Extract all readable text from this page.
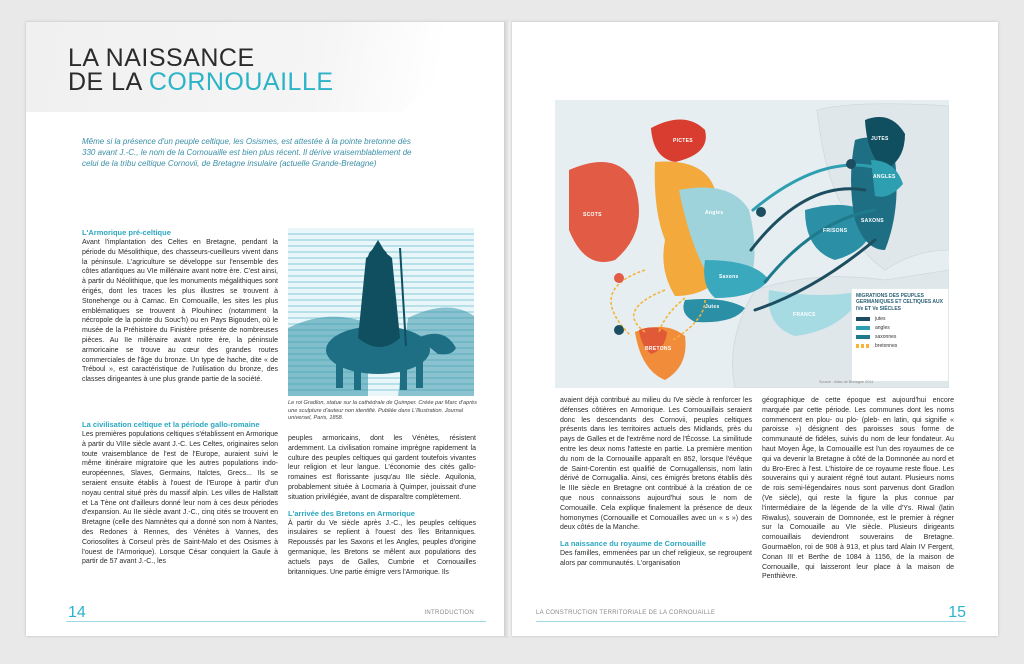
LA NAISSANCE
DE LA CORNOUAILLE
Même si la présence d'un peuple celtique, les Osismes, est attestée à la pointe bretonne dès 330 avant J.-C., le nom de la Cornouaille est bien plus récent. Il dérive vraisemblablement de celui de la tribu celtique Cornovii, de Bretagne insulaire (actuelle Grande-Bretagne)
L'Armorique pré-celtique
Avant l'implantation des Celtes en Bretagne, pendant la période du Mésolithique, des chasseurs-cueilleurs vivent dans la péninsule. L'agriculture se développe sur l'ensemble des côtes atlantiques au VIe millénaire avant notre ère. C'est ainsi, à partir du Néolithique, que les monuments mégalithiques sont érigés, dont les traces les plus illustres se trouvent à Stonehenge ou à Carnac. En Cornouaille, les sites les plus emblématiques se trouvent à Plouhinec (notamment la nécropole de la pointe du Souc'h) ou en Pays Bigouden, où le musée de la Préhistoire du Finistère présente de nombreuses pièces. Au IIe millénaire avant notre ère, la péninsule armoricaine se trouve au cœur des grandes routes commerciales de l'âge du bronze. Un type de hache, dite « de Tréboul », est caractéristique de l'utilisation du bronze, des classes dirigeantes à une plus grande partie de la société.
Le roi Gradlon, statue sur la cathédrale de Quimper. Créée par Marc d'après une sculpture d'auteur non identifié. Publiée dans L'Illustration. Journal universel, Paris, 1858.
La civilisation celtique et la période gallo-romaine
Les premières populations celtiques s'établissent en Armorique à partir du VIIIe siècle avant J.-C. Les Celtes, originaires selon toute vraisemblance de l'est de l'Europe, auraient suivi le même itinéraire migratoire que les autres populations indo-européennes, Slaves, Germains, Italctes, Grecs... Ils se seraient ensuite établis à l'ouest de l'Europe à partir d'un noyau central situé près du massif alpin. Les villes de Hallstatt et La Tène ont d'ailleurs donné leur nom à ces deux périodes d'expansion. Au IIe siècle avant J.-C., cinq cités se trouvent en Bretagne (celle des Namnètes qui a donné son nom à Nantes, des Redones à Rennes, des Vénètes à Vannes, des Coriosolites à Corseul près de Saint-Malo et des Osismes à l'ouest de l'Armorique). Lorsque César conquiert la Gaule à partir de 57 avant J.-C., les
peuples armoricains, dont les Vénètes, résistent ardemment. La civilisation romaine imprègne rapidement la culture des peuples celtiques qui gardent toutefois vivantes leur religion et leur langue. L'économie des cités gallo-romaines est florissante jusqu'au IIIe siècle. Aquilonia, probablement située à Locmaria à Quimper, jouissait d'une situation privilégiée, avant de disparaître complètement.
L'arrivée des Bretons en Armorique
À partir du Ve siècle après J.-C., les peuples celtiques insulaires se replient à l'ouest des îles Britanniques. Repoussés par les Saxons et les Angles, peuples d'origine germanique, les Bretons se mêlent aux populations des actuels pays de Galles, Cumbrie et Cornouailles britanniques. Une partie émigre vers l'Armorique. Ils
14	INTRODUCTION
PICTES
SCOTS
JUTES
ANGLES
SAXONS
FRISONS
FRANCS
Saxons
Jutes
Angles
BRETONS
MIGRATIONS DES PEUPLES GERMANIQUES ET CELTIQUES AUX IVe ET Ve SIÈCLES
jutes
angles
saxonnes
bretonnes
Source : Atlas de Bretagne 2011
avaient déjà contribué au milieu du IVe siècle à renforcer les défenses côtières en Armorique. Les Cornouaillais seraient donc les descendants des Cornovii, peuples celtiques présents dans les territoires actuels des Midlands, près du pays de Galles et de l'extrême nord de l'Écosse. La similitude entre les deux noms l'atteste en partie. La première mention du nom de la Cornouaille apparaît en 852, lorsque l'évêque de Saint-Corentin est qualifié de Cornugallensis, nom latin dérivé de Cornugallia. Ainsi, ces émigrés bretons établis dès le IIIe siècle en Bretagne ont contribué à la création de ce que nous connaissons aujourd'hui sous le nom de Cornouaille. Cela explique finalement la présence de deux homonymes (Cornouaille et Cornouailles avec un « s ») des deux côtés de la Manche.
La naissance du royaume de Cornouaille
Des familles, emmenées par un chef religieux, se regroupent alors par communautés. L'organisation
géographique de cette époque est aujourd'hui encore marquée par cette période. Les communes dont les noms commencent en plou- ou plo- (pleb- en latin, qui signifie « paroisse ») désignent des paroisses sous forme de communauté de fidèles, suivis du nom de leur fondateur. Au haut Moyen Âge, la Cornouaille est l'un des royaumes de ce qui va devenir la Bretagne à côté de la Domnonée au nord et du Bro-Erec à l'est. L'histoire de ce royaume reste floue. Les souverains qui y auraient régné tout autant. Plusieurs noms de rois semi-légendaires nous sont parvenus dont Gradlon (Ve siècle), qui reste la figure la plus connue par l'intermédiaire de la légende de la ville d'Ys. Riwal (latin Riwalus), souverain de Domnonée, est le premier à régner sur la Cornouaille au VIe siècle. Plusieurs dirigeants cornouaillais deviendront souverains de Bretagne. Gourmaëlon, roi de 908 à 913, et plus tard Alain IV Fergent, Conan III et Berthe de 1084 à 1156, de la maison de Cornouaille, qui laisseront leur place à la maison de Penthièvre.
LA CONSTRUCTION TERRITORIALE DE LA CORNOUAILLE	15
